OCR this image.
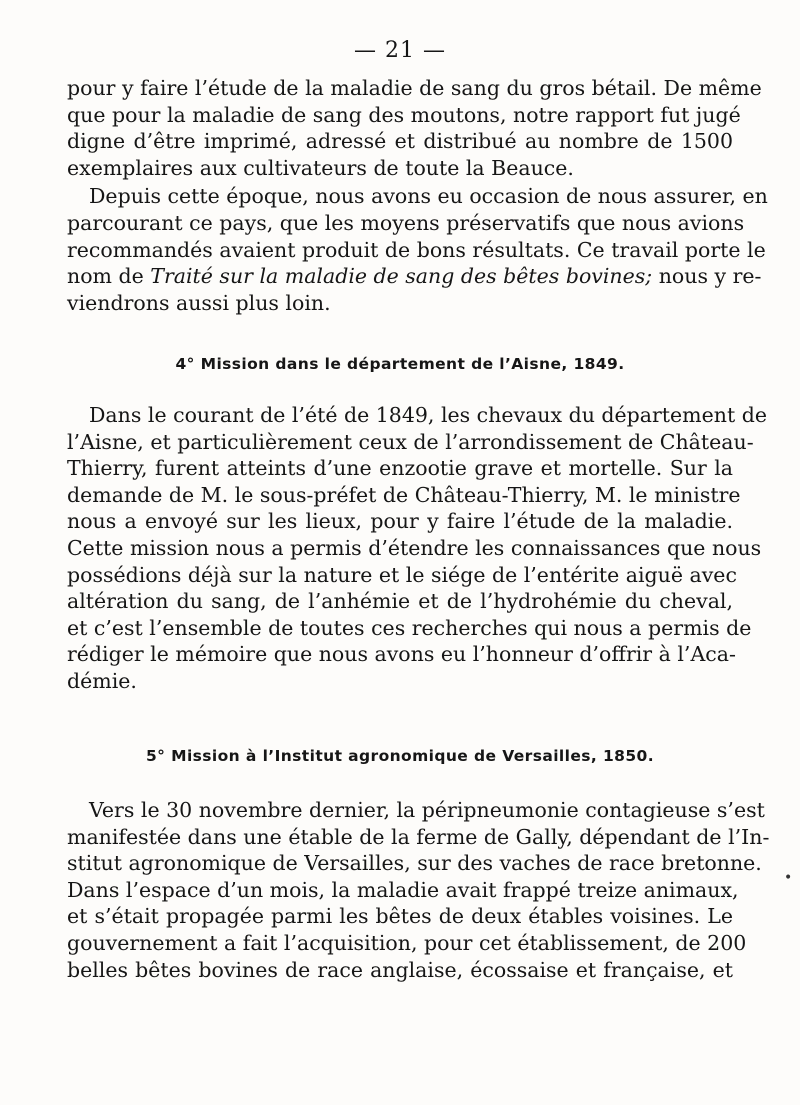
— 21 —
pour y faire l’étude de la maladie de sang du gros bétail. De même
que pour la maladie de sang des moutons, notre rapport fut jugé
digne d’être imprimé, adressé et distribué au nombre de 1500
exemplaires aux cultivateurs de toute la Beauce.
Depuis cette époque, nous avons eu occasion de nous assurer, en
parcourant ce pays, que les moyens préservatifs que nous avions
recommandés avaient produit de bons résultats. Ce travail porte le
nom de Traité sur la maladie de sang des bêtes bovines; nous y re-
viendrons aussi plus loin.
4° Mission dans le département de l’Aisne, 1849.
Dans le courant de l’été de 1849, les chevaux du département de
l’Aisne, et particulièrement ceux de l’arrondissement de Château-
Thierry, furent atteints d’une enzootie grave et mortelle. Sur la
demande de M. le sous-préfet de Château-Thierry, M. le ministre
nous a envoyé sur les lieux, pour y faire l’étude de la maladie.
Cette mission nous a permis d’étendre les connaissances que nous
possédions déjà sur la nature et le siége de l’entérite aiguë avec
altération du sang, de l’anhémie et de l’hydrohémie du cheval,
et c’est l’ensemble de toutes ces recherches qui nous a permis de
rédiger le mémoire que nous avons eu l’honneur d’offrir à l’Aca-
démie.
5° Mission à l’Institut agronomique de Versailles, 1850.
Vers le 30 novembre dernier, la péripneumonie contagieuse s’est
manifestée dans une étable de la ferme de Gally, dépendant de l’In-
stitut agronomique de Versailles, sur des vaches de race bretonne.
Dans l’espace d’un mois, la maladie avait frappé treize animaux,
et s’était propagée parmi les bêtes de deux étables voisines. Le
gouvernement a fait l’acquisition, pour cet établissement, de 200
belles bêtes bovines de race anglaise, écossaise et française, et
•
